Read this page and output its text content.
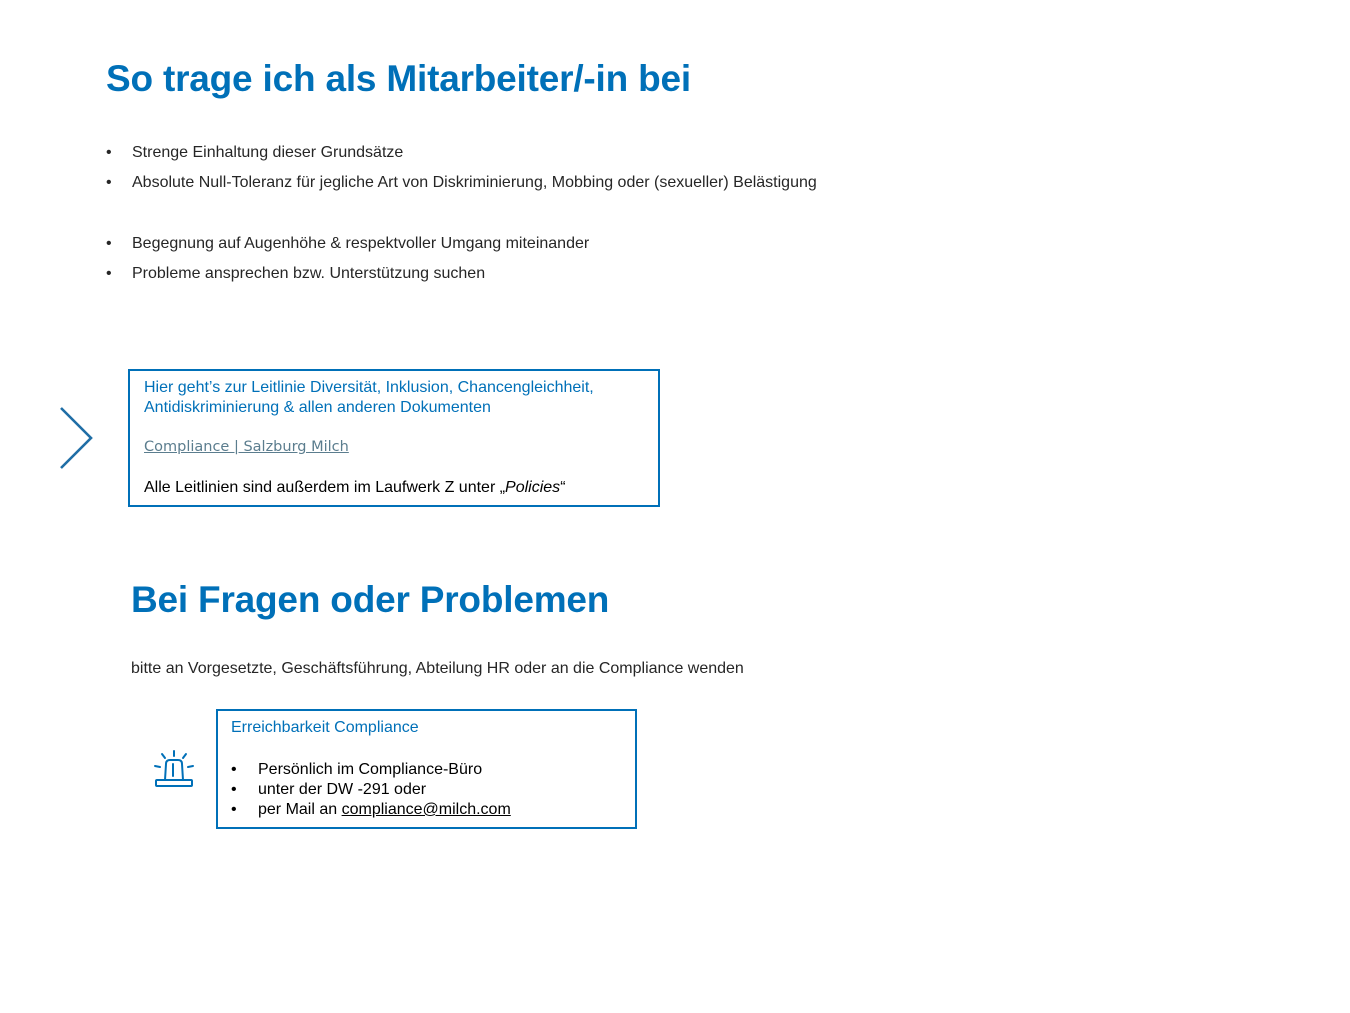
So trage ich als Mitarbeiter/-in bei
• Strenge Einhaltung dieser Grundsätze
• Absolute Null-Toleranz für jegliche Art von Diskriminierung, Mobbing oder (sexueller) Belästigung
• Begegnung auf Augenhöhe & respektvoller Umgang miteinander
• Probleme ansprechen bzw. Unterstützung suchen
Hier geht’s zur Leitlinie Diversität, Inklusion, Chancengleichheit, Antidiskriminierung & allen anderen Dokumenten
Compliance | Salzburg Milch
Alle Leitlinien sind außerdem im Laufwerk Z unter „Policies“
Bei Fragen oder Problemen
bitte an Vorgesetzte, Geschäftsführung, Abteilung HR oder an die Compliance wenden
Erreichbarkeit Compliance
• Persönlich im Compliance-Büro
• unter der DW -291 oder
• per Mail an compliance@milch.com
